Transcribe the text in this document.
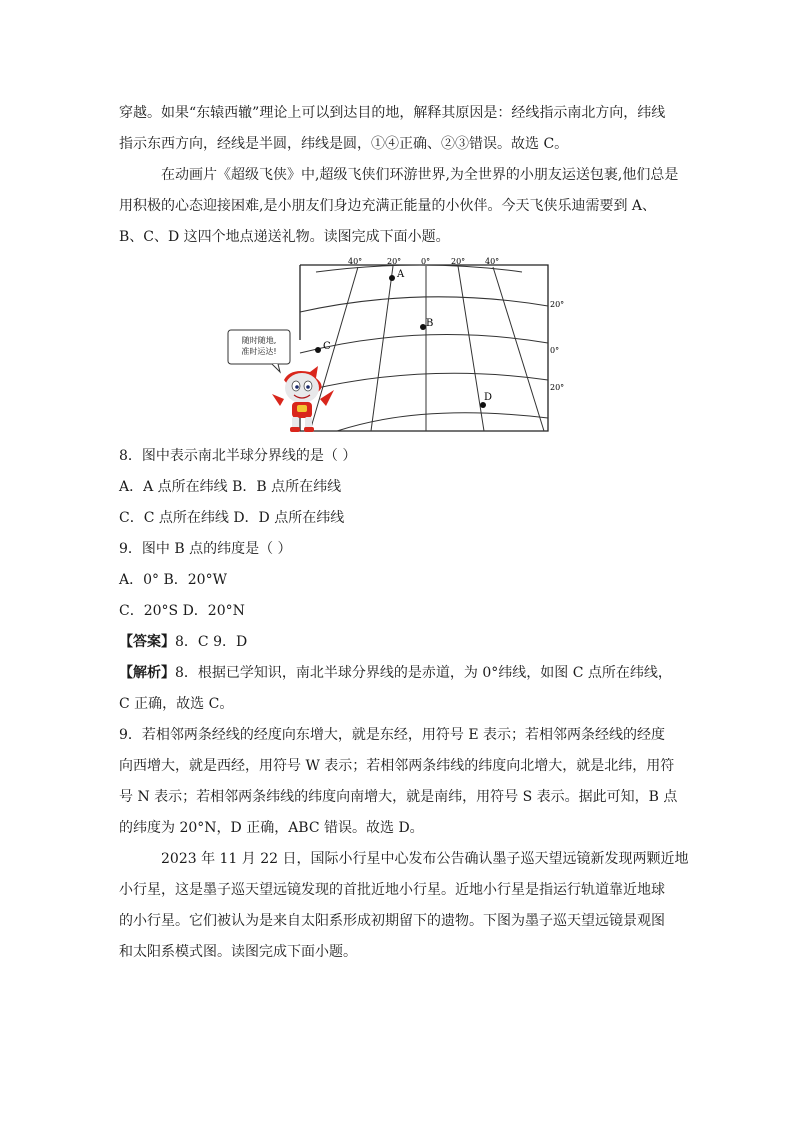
穿越。如果“东辕西辙”理论上可以到达目的地，解释其原因是：经线指示南北方向，纬线
指示东西方向，经线是半圆，纬线是圆，①④正确、②③错误。故选 C。
在动画片《超级飞侠》中,超级飞侠们环游世界,为全世界的小朋友运送包裹,他们总是
用积极的心态迎接困难,是小朋友们身边充满正能量的小伙伴。今天飞侠乐迪需要到 A、
B、C、D 这四个地点递送礼物。读图完成下面小题。
40°	20° 0°	20° 40°
20°
0°
20°
A
B
C
D
随时随地,
准时运达!
8．图中表示南北半球分界线的是（ ）
A．A 点所在纬线 B．B 点所在纬线
C．C 点所在纬线 D．D 点所在纬线
9．图中 B 点的纬度是（ ）
A．0° B．20°W
C．20°S D．20°N
【答案】8．C 9．D
【解析】8．根据已学知识，南北半球分界线的是赤道，为 0°纬线，如图 C 点所在纬线，
C 正确，故选 C。
9．若相邻两条经线的经度向东增大，就是东经，用符号 E 表示；若相邻两条经线的经度
向西增大，就是西经，用符号 W 表示；若相邻两条纬线的纬度向北增大，就是北纬，用符
号 N 表示；若相邻两条纬线的纬度向南增大，就是南纬，用符号 S 表示。据此可知，B 点
的纬度为 20°N，D 正确，ABC 错误。故选 D。
2023 年 11 月 22 日，国际小行星中心发布公告确认墨子巡天望远镜新发现两颗近地
小行星，这是墨子巡天望远镜发现的首批近地小行星。近地小行星是指运行轨道靠近地球
的小行星。它们被认为是来自太阳系形成初期留下的遗物。下图为墨子巡天望远镜景观图
和太阳系模式图。读图完成下面小题。
